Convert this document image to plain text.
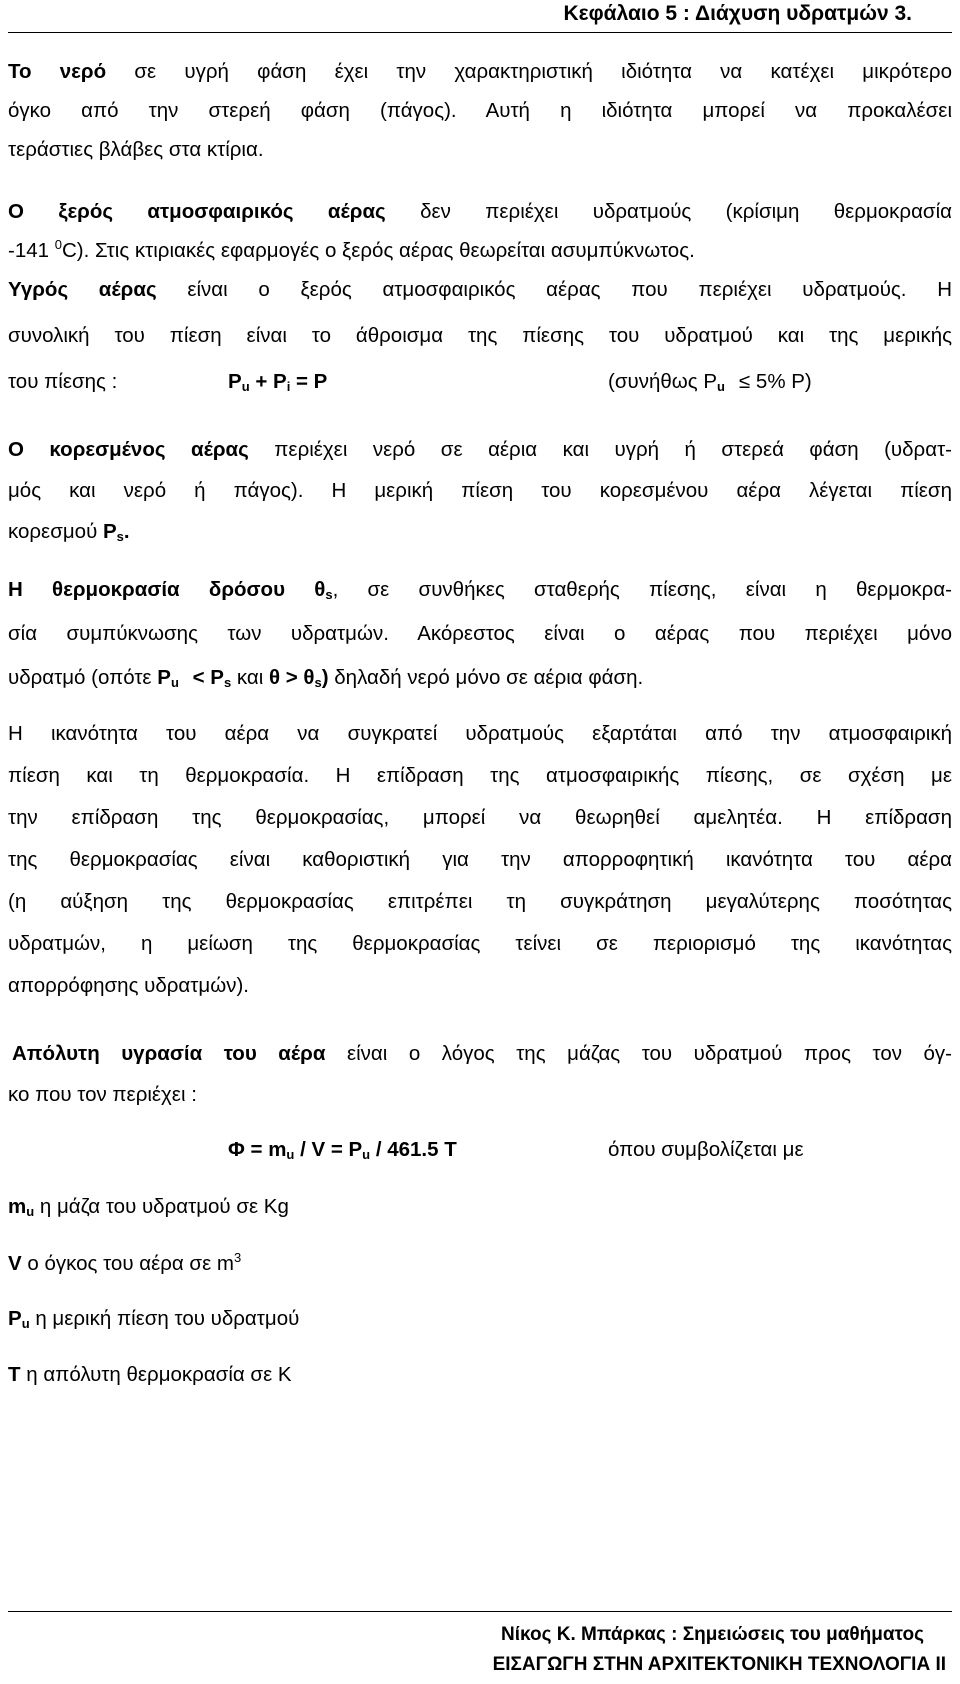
Κεφάλαιο 5 : Διάχυση υδρατμών 3.
Το νερό σε υγρή φάση έχει την χαρακτηριστική ιδιότητα να κατέχει μικρότερο
όγκο από την στερεή φάση (πάγος). Αυτή η ιδιότητα μπορεί να προκαλέσει
τεράστιες βλάβες στα κτίρια.
Ο ξερός ατμοσφαιρικός αέρας δεν περιέχει υδρατμούς (κρίσιμη θερμοκρασία
-141 $^0$C). Στις κτιριακές εφαρμογές ο ξερός αέρας θεωρείται ασυμπύκνωτος.
Υγρός αέρας είναι ο ξερός ατμοσφαιρικός αέρας που περιέχει υδρατμούς. Η
συνολική του πίεση είναι το άθροισμα της πίεσης του υδρατμού και της μερικής
του πίεσης :	$P_u + P_i = P$	(συνήθως $P_u \le 5\%$ P)
Ο κορεσμένος αέρας περιέχει νερό σε αέρια και υγρή ή στερεά φάση (υδρατ-
μός και νερό ή πάγος). Η μερική πίεση του κορεσμένου αέρα λέγεται πίεση
κορεσμού $P_s$.
Η θερμοκρασία δρόσου $\theta_s$, σε συνθήκες σταθερής πίεσης, είναι η θερμοκρα-
σία συμπύκνωσης των υδρατμών. Ακόρεστος είναι ο αέρας που περιέχει μόνο
υδρατμό (οπότε $P_u < P_s$ και $\theta > \theta_s$) δηλαδή νερό μόνο σε αέρια φάση.
Η ικανότητα του αέρα να συγκρατεί υδρατμούς εξαρτάται από την ατμοσφαιρική
πίεση και τη θερμοκρασία. Η επίδραση της ατμοσφαιρικής πίεσης, σε σχέση με
την επίδραση της θερμοκρασίας, μπορεί να θεωρηθεί αμελητέα. Η επίδραση
της θερμοκρασίας είναι καθοριστική για την απορροφητική ικανότητα του αέρα
(η αύξηση της θερμοκρασίας επιτρέπει τη συγκράτηση μεγαλύτερης ποσότητας
υδρατμών, η μείωση της θερμοκρασίας τείνει σε περιορισμό της ικανότητας
απορρόφησης υδρατμών).
Απόλυτη υγρασία του αέρα είναι ο λόγος της μάζας του υδρατμού προς τον όγ-
κο που τον περιέχει :
$\Phi = m_u / V = P_u / 461.5$ T	όπου συμβολίζεται με
$m_u$ η μάζα του υδρατμού σε Kg
V ο όγκος του αέρα σε $m^3$
$P_u$ η μερική πίεση του υδρατμού
T η απόλυτη θερμοκρασία σε K
Νίκος Κ. Μπάρκας : Σημειώσεις του μαθήματος
ΕΙΣΑΓΩΓΗ ΣΤΗΝ ΑΡΧΙΤΕΚΤΟΝΙΚΗ ΤΕΧΝΟΛΟΓΙΑ ΙΙ
